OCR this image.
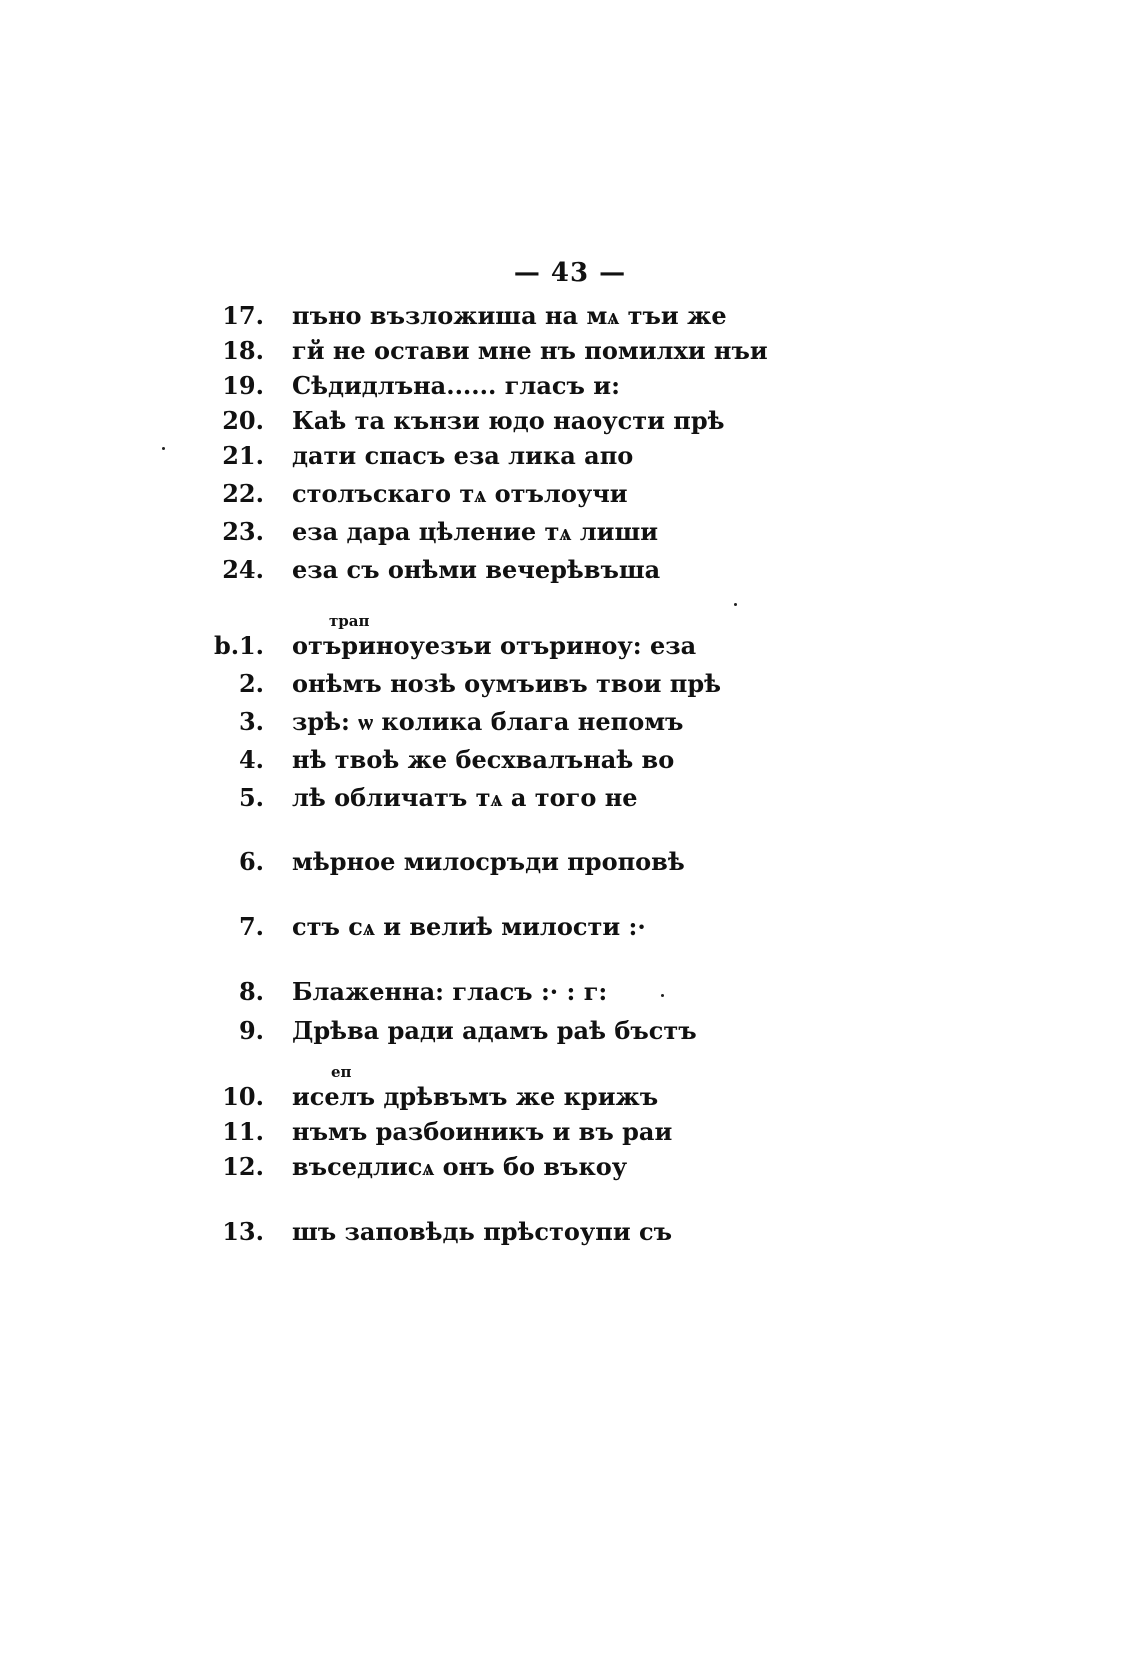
— 43 —
17. пъно възложиша на мѧ тъи же
18. гй не остави мне нъ помилхи нъи
19. Сѣдидлъна...... гласъ и:
20. Каѣ та кънзи юдо наоусти прѣ
21. дати спасъ еза лика апо
22. столъскаго тѧ отълоучи
23. еза дара цѣление тѧ лиши
24. еза съ онѣми вечерѣвъша
трап
b. 1. отъриноуезъи отъриноу: еза
2. онѣмъ нозѣ оумъивъ твои прѣ
3. зрѣ: ѡ колика блага непомъ
4. нѣ твоѣ же бесхвалънаѣ во
5. лѣ обличатъ тѧ а того не
6. мѣрное милосръди проповѣ
7. стъ сѧ и велиѣ милости :·
8. Блаженна: гласъ :· : г:
9. Дрѣва ради адамъ раѣ бъстъ
еп
10. иселъ дрѣвъмъ же крижъ
11. нъмъ разбоиникъ и въ раи
12. въседлисѧ онъ бо въкоу
13. шъ заповѣдь прѣстоупи съ
